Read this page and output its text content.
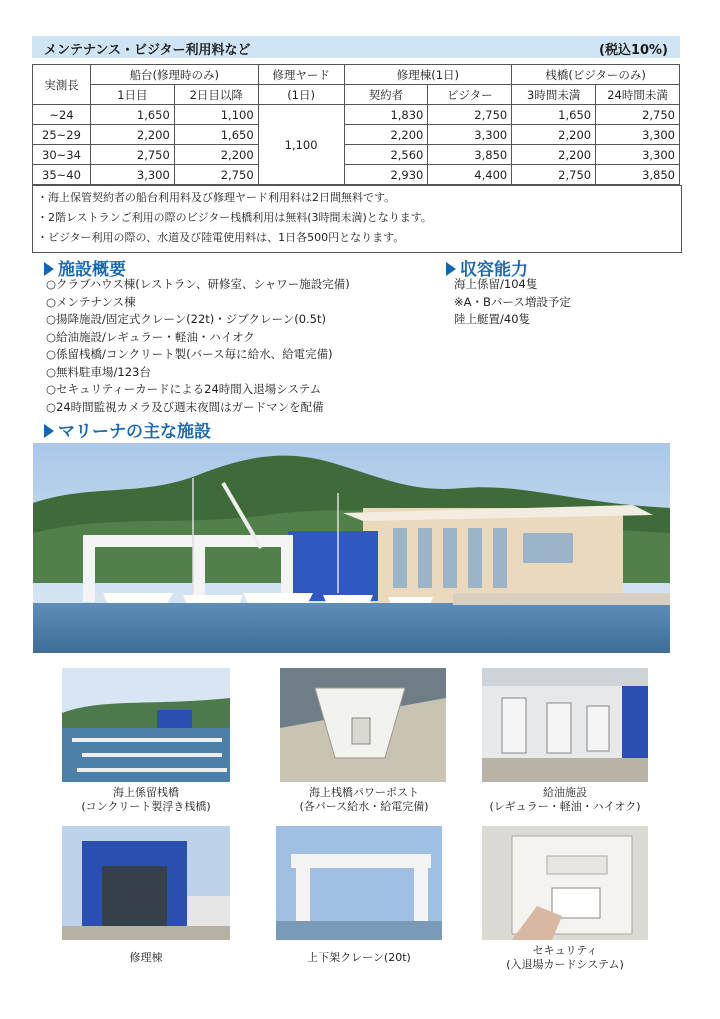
メンテナンス・ビジター利用料など	(税込10%)
実測長	船台(修理時のみ)		修理ヤード	修理棟(1日)		桟橋(ビジターのみ)	
	1日目	2日目以降	(1日)	契約者	ビジター	3時間未満	24時間未満
~24	1,650	1,100	1,100	1,830	2,750	1,650	2,750
25~29	2,200	1,650		2,200	3,300	2,200	3,300
30~34	2,750	2,200		2,560	3,850	2,200	3,300
35~40	3,300	2,750		2,930	4,400	2,750	3,850
・海上保管契約者の船台利用料及び修理ヤード利用料は2日間無料です。
・2階レストランご利用の際のビジター桟橋利用は無料(3時間未満)となります。
・ビジター利用の際の、水道及び陸電使用料は、1日各500円となります。
施設概要
○クラブハウス棟(レストラン、研修室、シャワー施設完備)
○メンテナンス棟
○揚降施設/固定式クレーン(22t)・ジブクレーン(0.5t)
○給油施設/レギュラー・軽油・ハイオク
○係留桟橋/コンクリート製(バース毎に給水、給電完備)
○無料駐車場/123台
○セキュリティーカードによる24時間入退場システム
○24時間監視カメラ及び週末夜間はガードマンを配備
収容能力
海上係留/104隻
※A・Bバース増設予定
陸上艇置/40隻
マリーナの主な施設
海上係留桟橋
(コンクリート製浮き桟橋)
海上桟橋パワーポスト
(各バース給水・給電完備)
給油施設
(レギュラー・軽油・ハイオク)
修理棟	上下架クレーン(20t)
セキュリティ
(入退場カードシステム)
